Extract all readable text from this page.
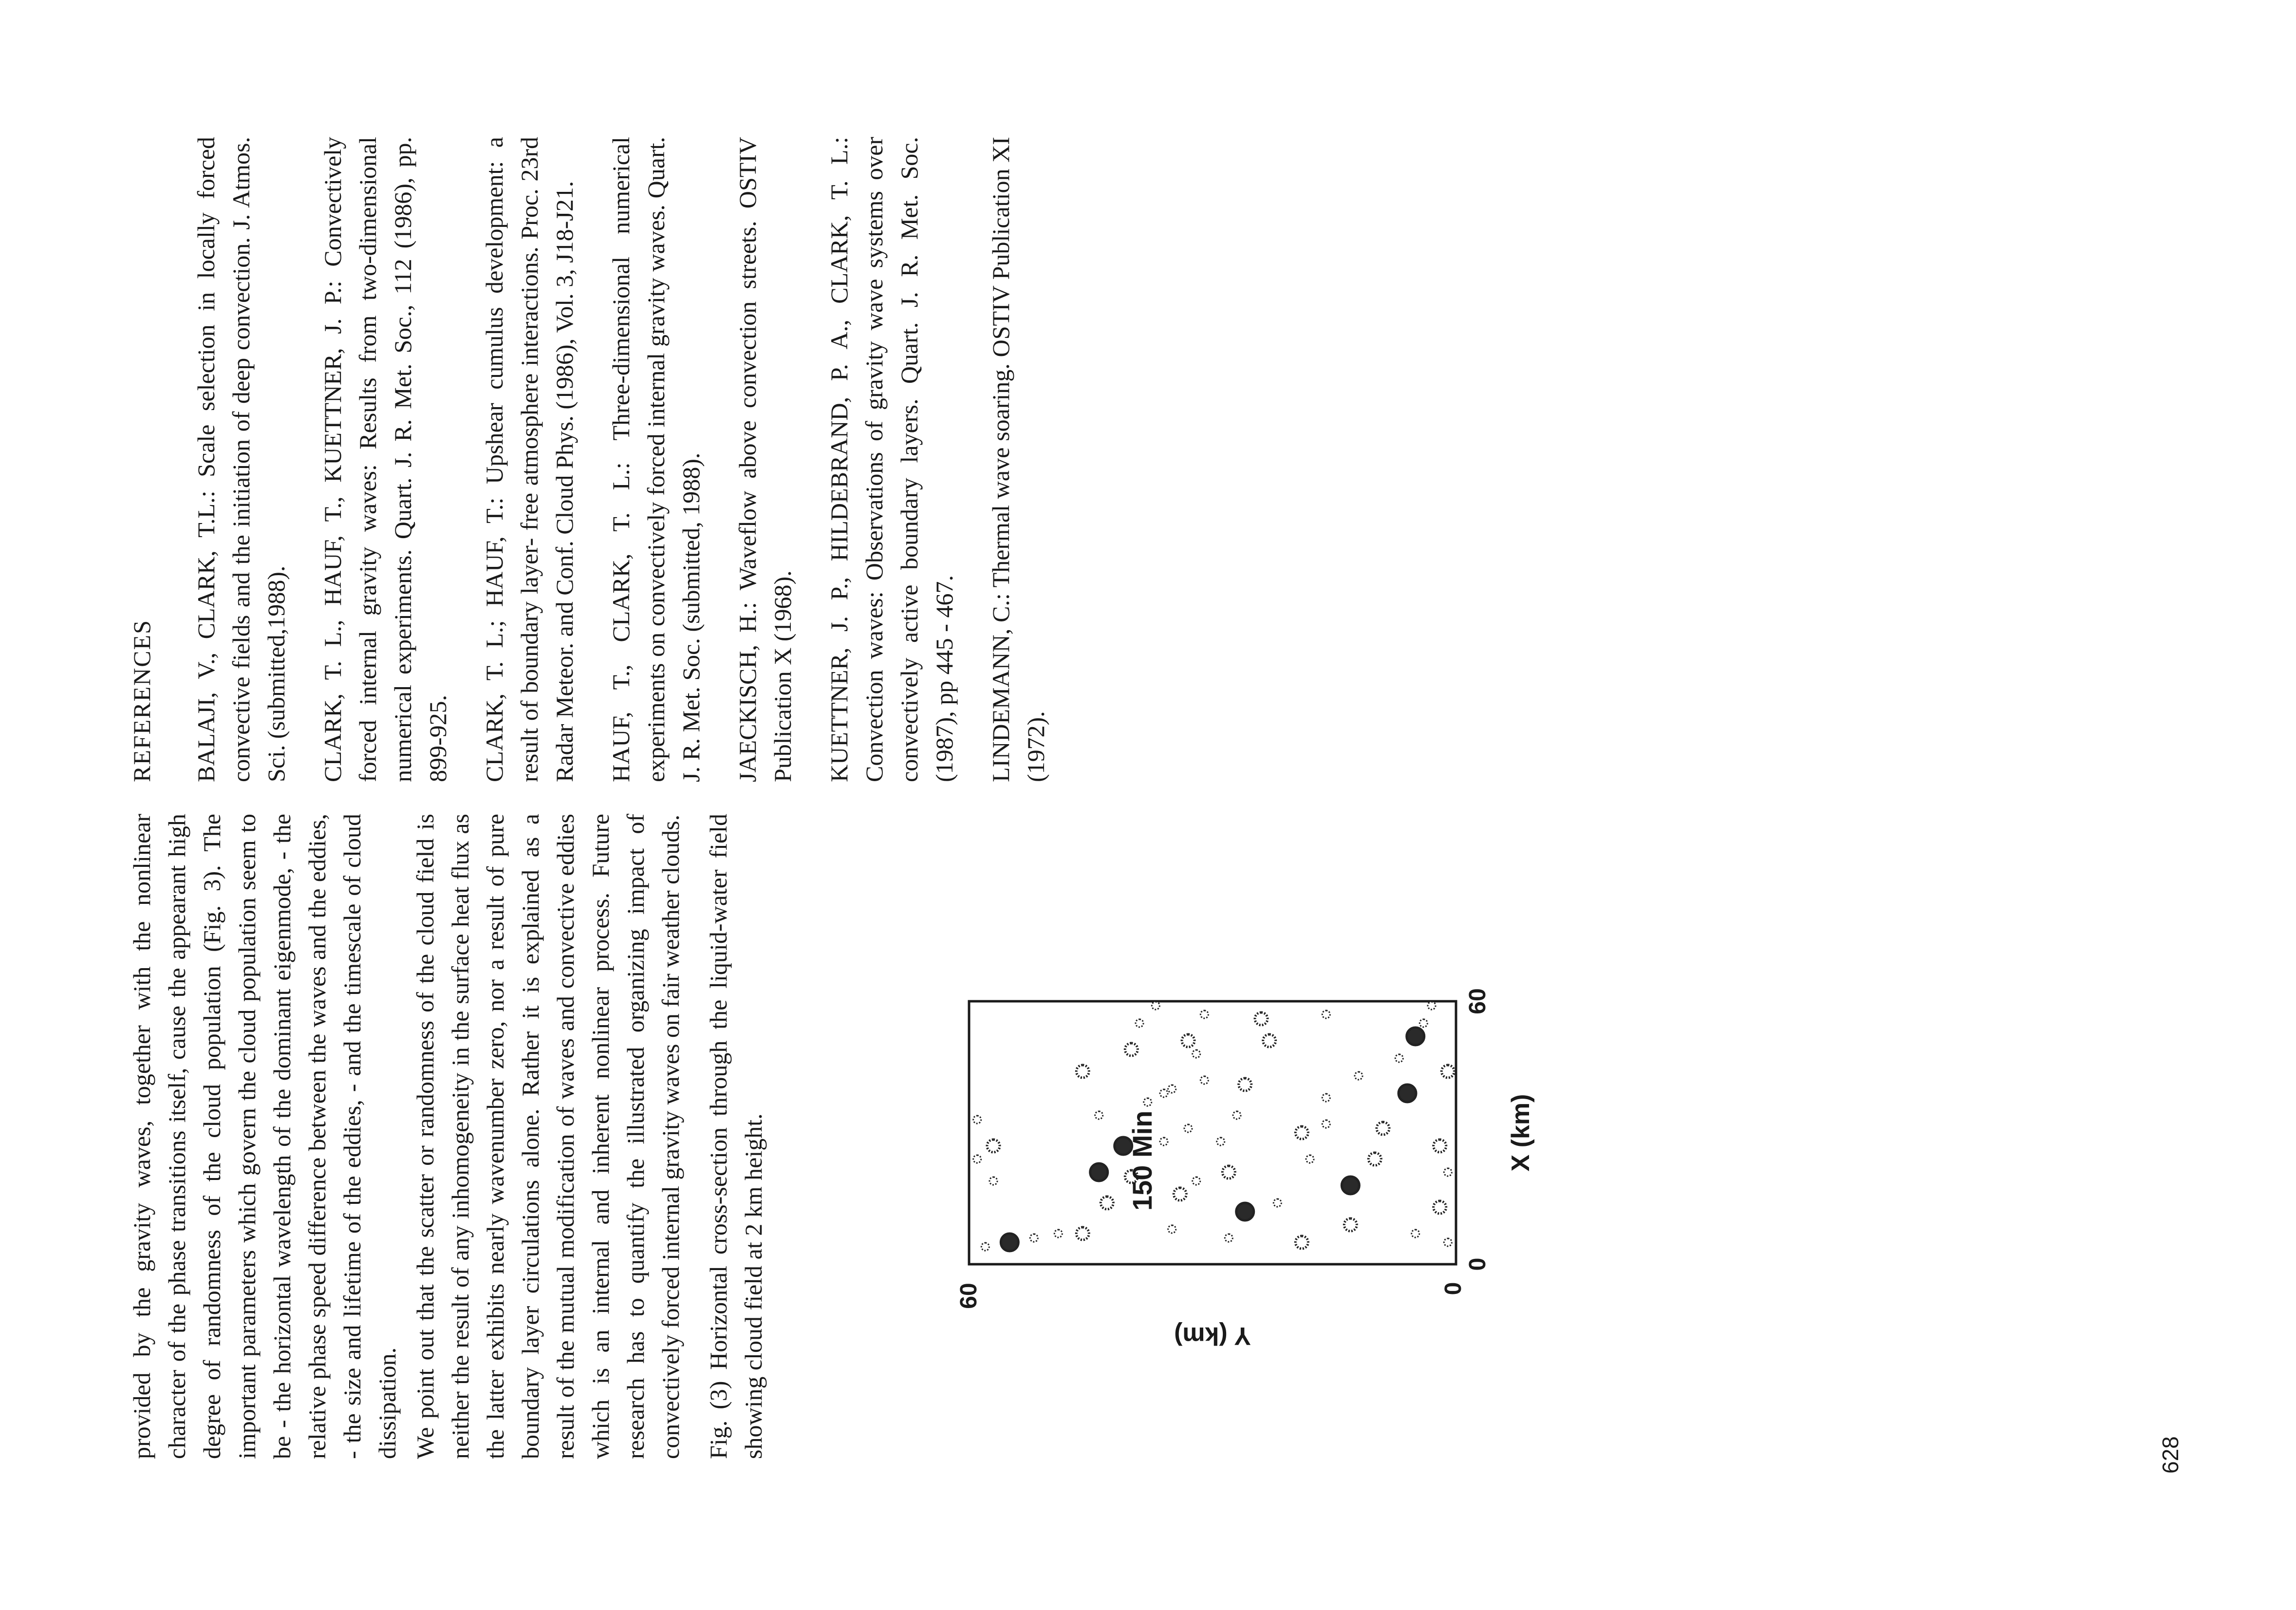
provided by the gravity waves, together with the nonlinear character of the phase transitions itself, cause the appearant high degree of randomness of the cloud population (Fig. 3). The important parameters which govern the cloud population seem to be - the horizontal wavelength of the dominant eigenmode, - the relative phase speed difference between the waves and the eddies, - the size and lifetime of the eddies, - and the timescale of cloud dissipation. We point out that the scatter or randomness of the cloud field is neither the result of any inhomogeneity in the surface heat flux as the latter exhibits nearly wavenumber zero, nor a result of pure boundary layer circulations alone. Rather it is explained as a result of the mutual modification of waves and convective eddies which is an internal and inherent nonlinear process. Future research has to quantify the illustrated organizing impact of convectively forced internal gravity waves on fair weather clouds. Fig. (3) Horizontal cross-section through the liquid-water field showing cloud field at 2 km height.	150 Min
60	0
0
60
X (km)
Y (km)

REFERENCES BALAJI, V., CLARK, T.L.: Scale selection in locally forced convective fields and the initiation of deep convection. J. Atmos. Sci. (submitted,1988). CLARK, T. L., HAUF, T., KUETTNER, J. P.: Convectively forced internal gravity waves: Results from two-dimensional numerical experiments. Quart. J. R. Met. Soc., 112 (1986), pp. 899-925. CLARK, T. L.; HAUF, T.: Upshear cumulus development: a result of boundary layer- free atmosphere interactions. Proc. 23rd Radar Meteor. and Conf. Cloud Phys. (1986), Vol. 3, J18-J21. HAUF, T., CLARK, T. L.: Three-dimensional numerical experiments on convectively forced internal gravity waves. Quart. J. R. Met. Soc. (submitted, 1988). JAECKISCH, H.: Waveflow above convection streets. OSTIV Publication X (1968). KUETTNER, J. P., HILDEBRAND, P. A., CLARK, T. L.: Convection waves: Observations of gravity wave systems over convectively active boundary layers. Quart. J. R. Met. Soc. (1987), pp 445 - 467. LINDEMANN, C.: Thermal wave soaring. OSTIV Publication XI (1972).

628
